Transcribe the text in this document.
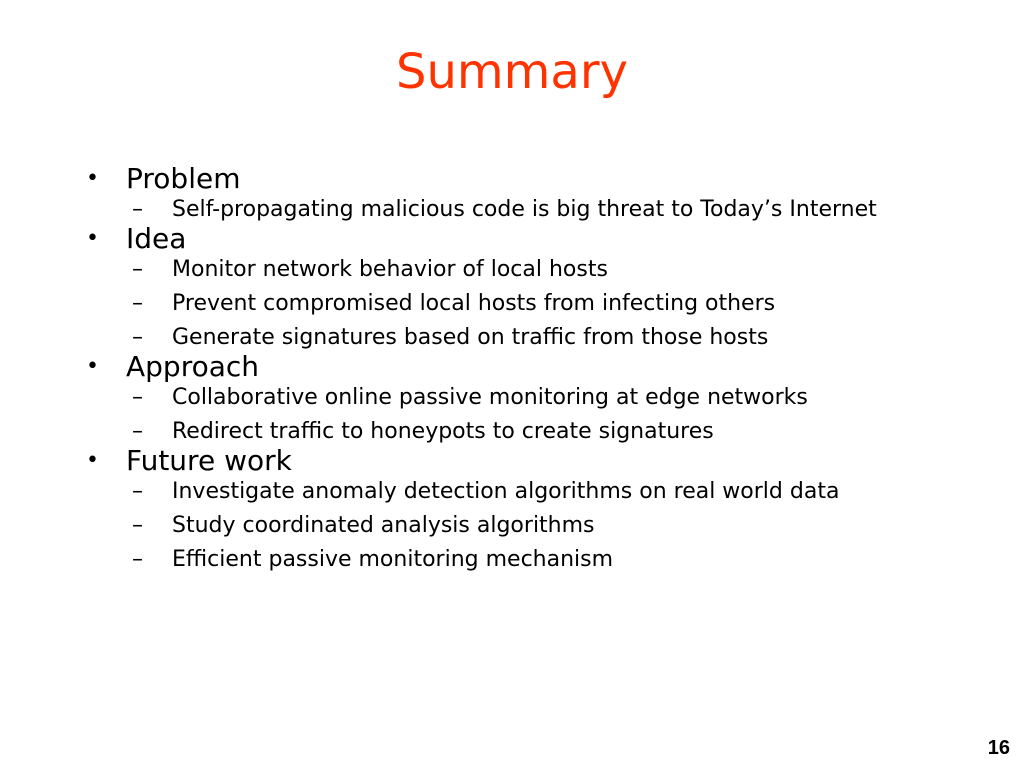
Summary
• Problem
– Self-propagating malicious code is big threat to Today’s Internet
• Idea
– Monitor network behavior of local hosts
– Prevent compromised local hosts from infecting others
– Generate signatures based on traffic from those hosts
• Approach
– Collaborative online passive monitoring at edge networks
– Redirect traffic to honeypots to create signatures
• Future work
– Investigate anomaly detection algorithms on real world data
– Study coordinated analysis algorithms
– Efficient passive monitoring mechanism
16
